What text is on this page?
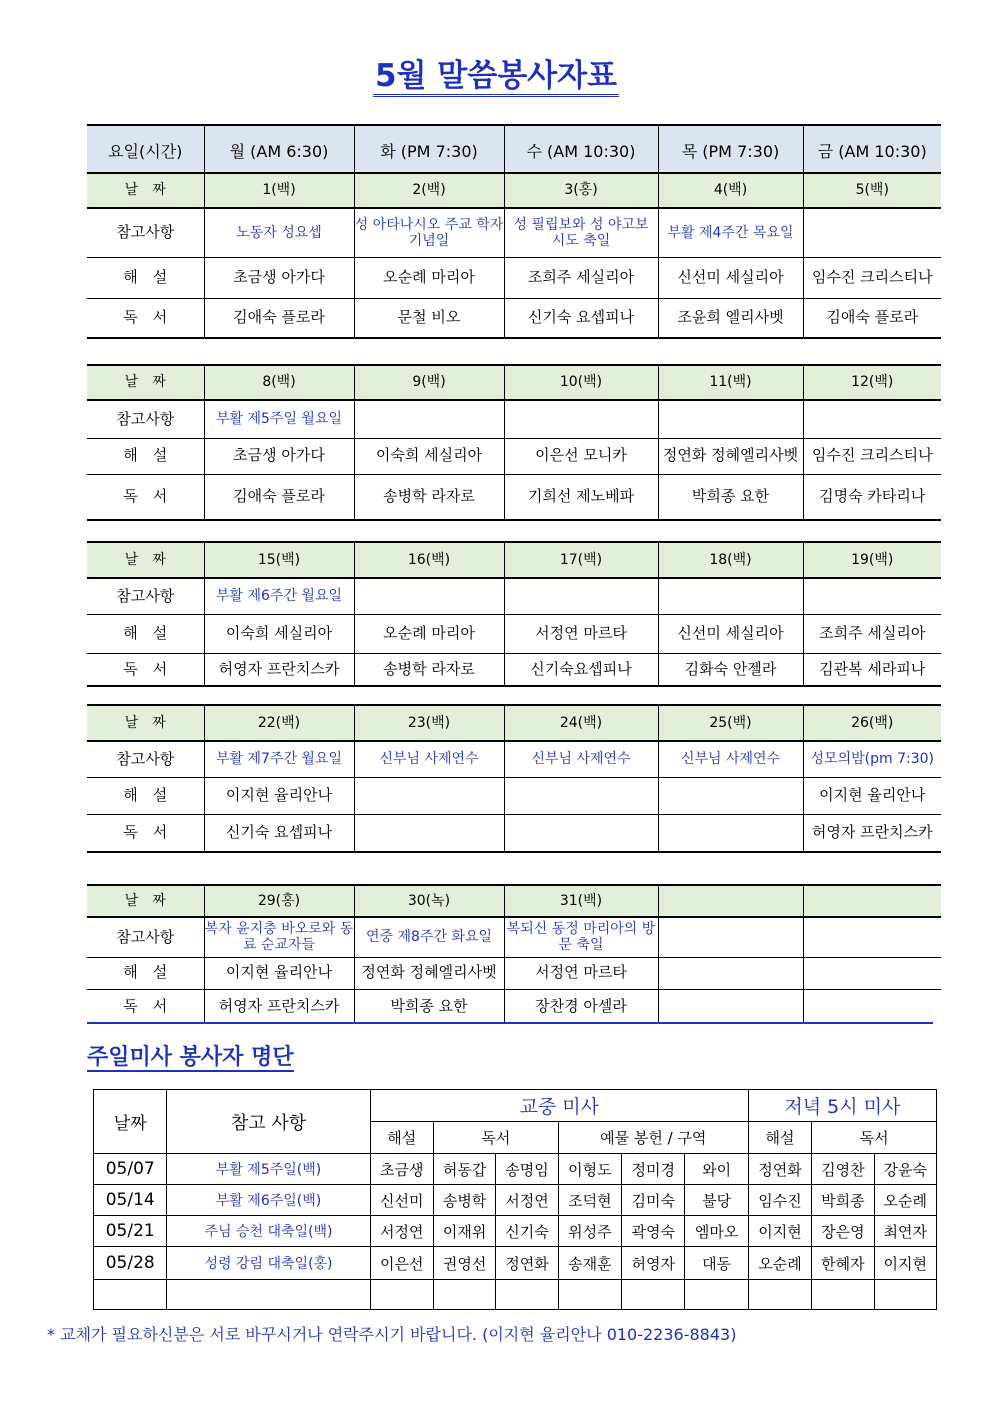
5월 말씀봉사자표
요일(시간)	월 (AM 6:30)	화 (PM 7:30)	수 (AM 10:30)	목 (PM 7:30)	금 (AM 10:30)
날　짜	1(백)	2(백)	3(홍)	4(백)	5(백)
참고사항	노동자 성요셉	성 아타나시오 주교 학자 기념일	성 필립보와 성 야고보 시도 축일	부활 제4주간 목요일	
해　설	초금생 아가다	오순례 마리아	조희주 세실리아	신선미 세실리아	임수진 크리스티나
독　서	김애숙 플로라	문철 비오	신기숙 요셉피나	조윤희 엘리사벳	김애숙 플로라
날　짜	8(백)	9(백)	10(백)	11(백)	12(백)
참고사항	부활 제5주일 월요일				
해　설	초금생 아가다	이숙희 세실리아	이은선 모니카	정연화 정혜엘리사벳	임수진 크리스티나
독　서	김애숙 플로라	송병학 라자로	기희선 제노베파	박희종 요한	김명숙 카타리나
날　짜	15(백)	16(백)	17(백)	18(백)	19(백)
참고사항	부활 제6주간 월요일				
해　설	이숙희 세실리아	오순례 마리아	서정연 마르타	신선미 세실리아	조희주 세실리아
독　서	허영자 프란치스카	송병학 라자로	신기숙요셉피나	김화숙 안젤라	김관복 세라피나
날　짜	22(백)	23(백)	24(백)	25(백)	26(백)
참고사항	부활 제7주간 월요일	신부님 사제연수	신부님 사제연수	신부님 사제연수	성모의밤(pm 7:30)
해　설	이지현 율리안나				이지현 율리안나
독　서	신기숙 요셉피나				허영자 프란치스카
날　짜	29(홍)	30(녹)	31(백)		
참고사항	복자 윤지충 바오로와 동료 순교자들	연중 제8주간 화요일	복되신 동정 마리아의 방문 축일		
해　설	이지현 율리안나	정연화 정혜엘리사벳	서정연 마르타		
독　서	허영자 프란치스카	박희종 요한	장찬경 아셀라		
주일미사 봉사자 명단
날짜	참고 사항	교중 미사						저녁 5시 미사		
		해설	독서		예물 봉헌 / 구역			해설	독서	
05/07	부활 제5주일(백)	초금생	허동갑	송명임	이형도	정미경	와이	정연화	김영찬	강윤숙
05/14	부활 제6주일(백)	신선미	송병학	서정연	조덕현	김미숙	불당	임수진	박희종	오순례
05/21	주님 승천 대축일(백)	서정연	이재위	신기숙	위성주	곽영숙	엠마오	이지현	장은영	최연자
05/28	성령 강림 대축일(홍)	이은선	권영선	정연화	송재훈	허영자	대동	오순례	한혜자	이지현

* 교체가 필요하신분은 서로 바꾸시거나 연락주시기 바랍니다. (이지현 율리안나 010-2236-8843)
